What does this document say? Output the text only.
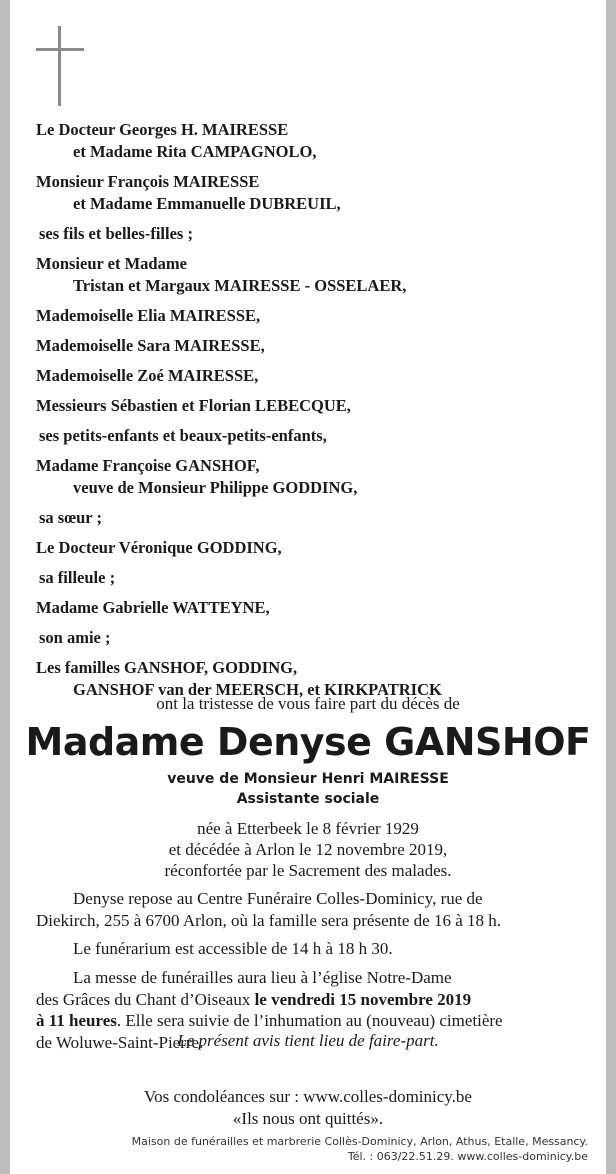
Le Docteur Georges H. MAIRESSE
et Madame Rita CAMPAGNOLO,
Monsieur François MAIRESSE
et Madame Emmanuelle DUBREUIL,
ses fils et belles-filles ;
Monsieur et Madame
Tristan et Margaux MAIRESSE - OSSELAER,
Mademoiselle Elia MAIRESSE,
Mademoiselle Sara MAIRESSE,
Mademoiselle Zoé MAIRESSE,
Messieurs Sébastien et Florian LEBECQUE,
ses petits-enfants et beaux-petits-enfants,
Madame Françoise GANSHOF,
veuve de Monsieur Philippe GODDING,
sa sœur ;
Le Docteur Véronique GODDING,
sa filleule ;
Madame Gabrielle WATTEYNE,
son amie ;
Les familles GANSHOF, GODDING,
GANSHOF van der MEERSCH, et KIRKPATRICK
ont la tristesse de vous faire part du décès de
Madame Denyse GANSHOF
veuve de Monsieur Henri MAIRESSE
Assistante sociale
née à Etterbeek le 8 février 1929
et décédée à Arlon le 12 novembre 2019,
réconfortée par le Sacrement des malades.
Denyse repose au Centre Funéraire Colles-Dominicy, rue de
Diekirch, 255 à 6700 Arlon, où la famille sera présente de 16 à 18 h.
Le funérarium est accessible de 14 h à 18 h 30.
La messe de funérailles aura lieu à l’église Notre-Dame
des Grâces du Chant d’Oiseaux le vendredi 15 novembre 2019
à 11 heures. Elle sera suivie de l’inhumation au (nouveau) cimetière
de Woluwe-Saint-Pierre.
Le présent avis tient lieu de faire-part.
Vos condoléances sur : www.colles-dominicy.be
«Ils nous ont quittés».
Maison de funérailles et marbrerie Collès-Dominicy, Arlon, Athus, Etalle, Messancy.
Tél. : 063/22.51.29. www.colles-dominicy.be
